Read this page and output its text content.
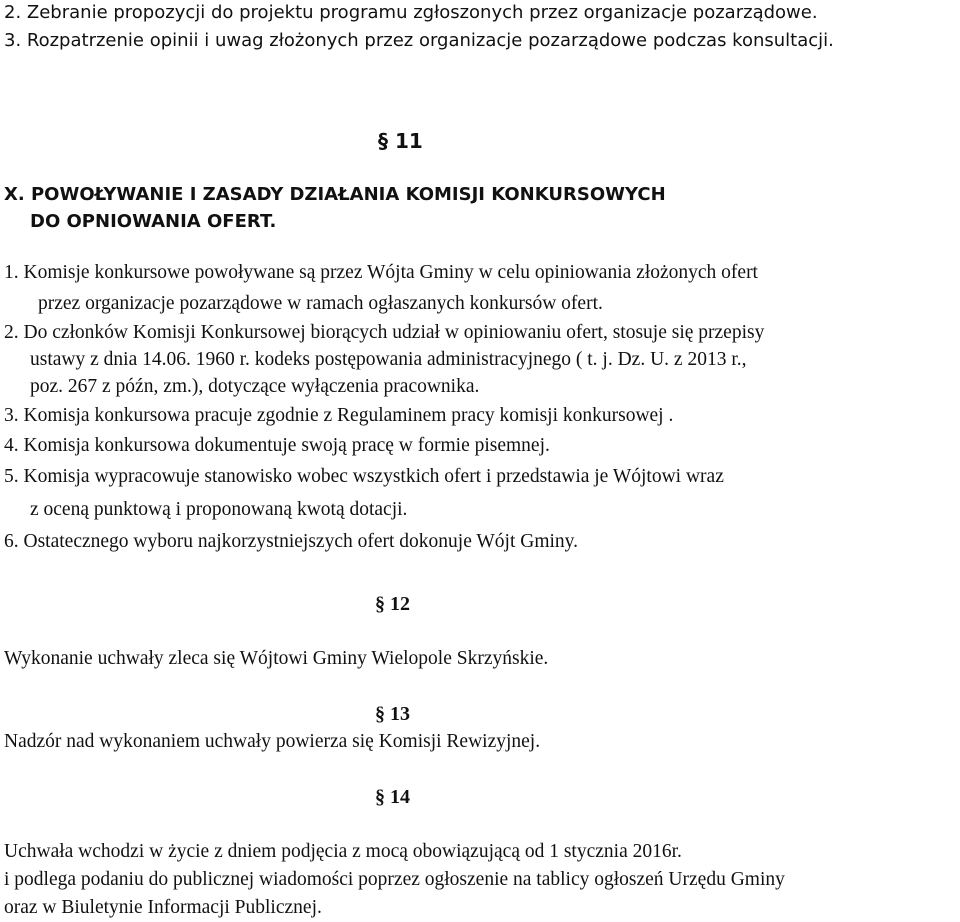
2. Zebranie propozycji do projektu programu zgłoszonych przez organizacje pozarządowe.
3. Rozpatrzenie opinii i uwag złożonych przez organizacje pozarządowe podczas konsultacji.
§ 11
X. POWOŁYWANIE I ZASADY DZIAŁANIA KOMISJI KONKURSOWYCH
DO OPNIOWANIA OFERT.
1. Komisje konkursowe powoływane są przez Wójta Gminy w celu opiniowania złożonych ofert
przez organizacje pozarządowe w ramach ogłaszanych konkursów ofert.
2. Do członków Komisji Konkursowej biorących udział w opiniowaniu ofert, stosuje się przepisy
ustawy z dnia 14.06. 1960 r. kodeks postępowania administracyjnego ( t. j. Dz. U. z 2013 r.,
poz. 267 z późn, zm.), dotyczące wyłączenia pracownika.
3. Komisja konkursowa pracuje zgodnie z Regulaminem pracy komisji konkursowej .
4. Komisja konkursowa dokumentuje swoją pracę w formie pisemnej.
5. Komisja wypracowuje stanowisko wobec wszystkich ofert i przedstawia je Wójtowi wraz
z oceną punktową i proponowaną kwotą dotacji.
6. Ostatecznego wyboru najkorzystniejszych ofert dokonuje Wójt Gminy.
§ 12
Wykonanie uchwały zleca się Wójtowi Gminy Wielopole Skrzyńskie.
§ 13
Nadzór nad wykonaniem uchwały powierza się Komisji Rewizyjnej.
§ 14
Uchwała wchodzi w życie z dniem podjęcia z mocą obowiązującą od 1 stycznia 2016r.
i podlega podaniu do publicznej wiadomości poprzez ogłoszenie na tablicy ogłoszeń Urzędu Gminy
oraz w Biuletynie Informacji Publicznej.
